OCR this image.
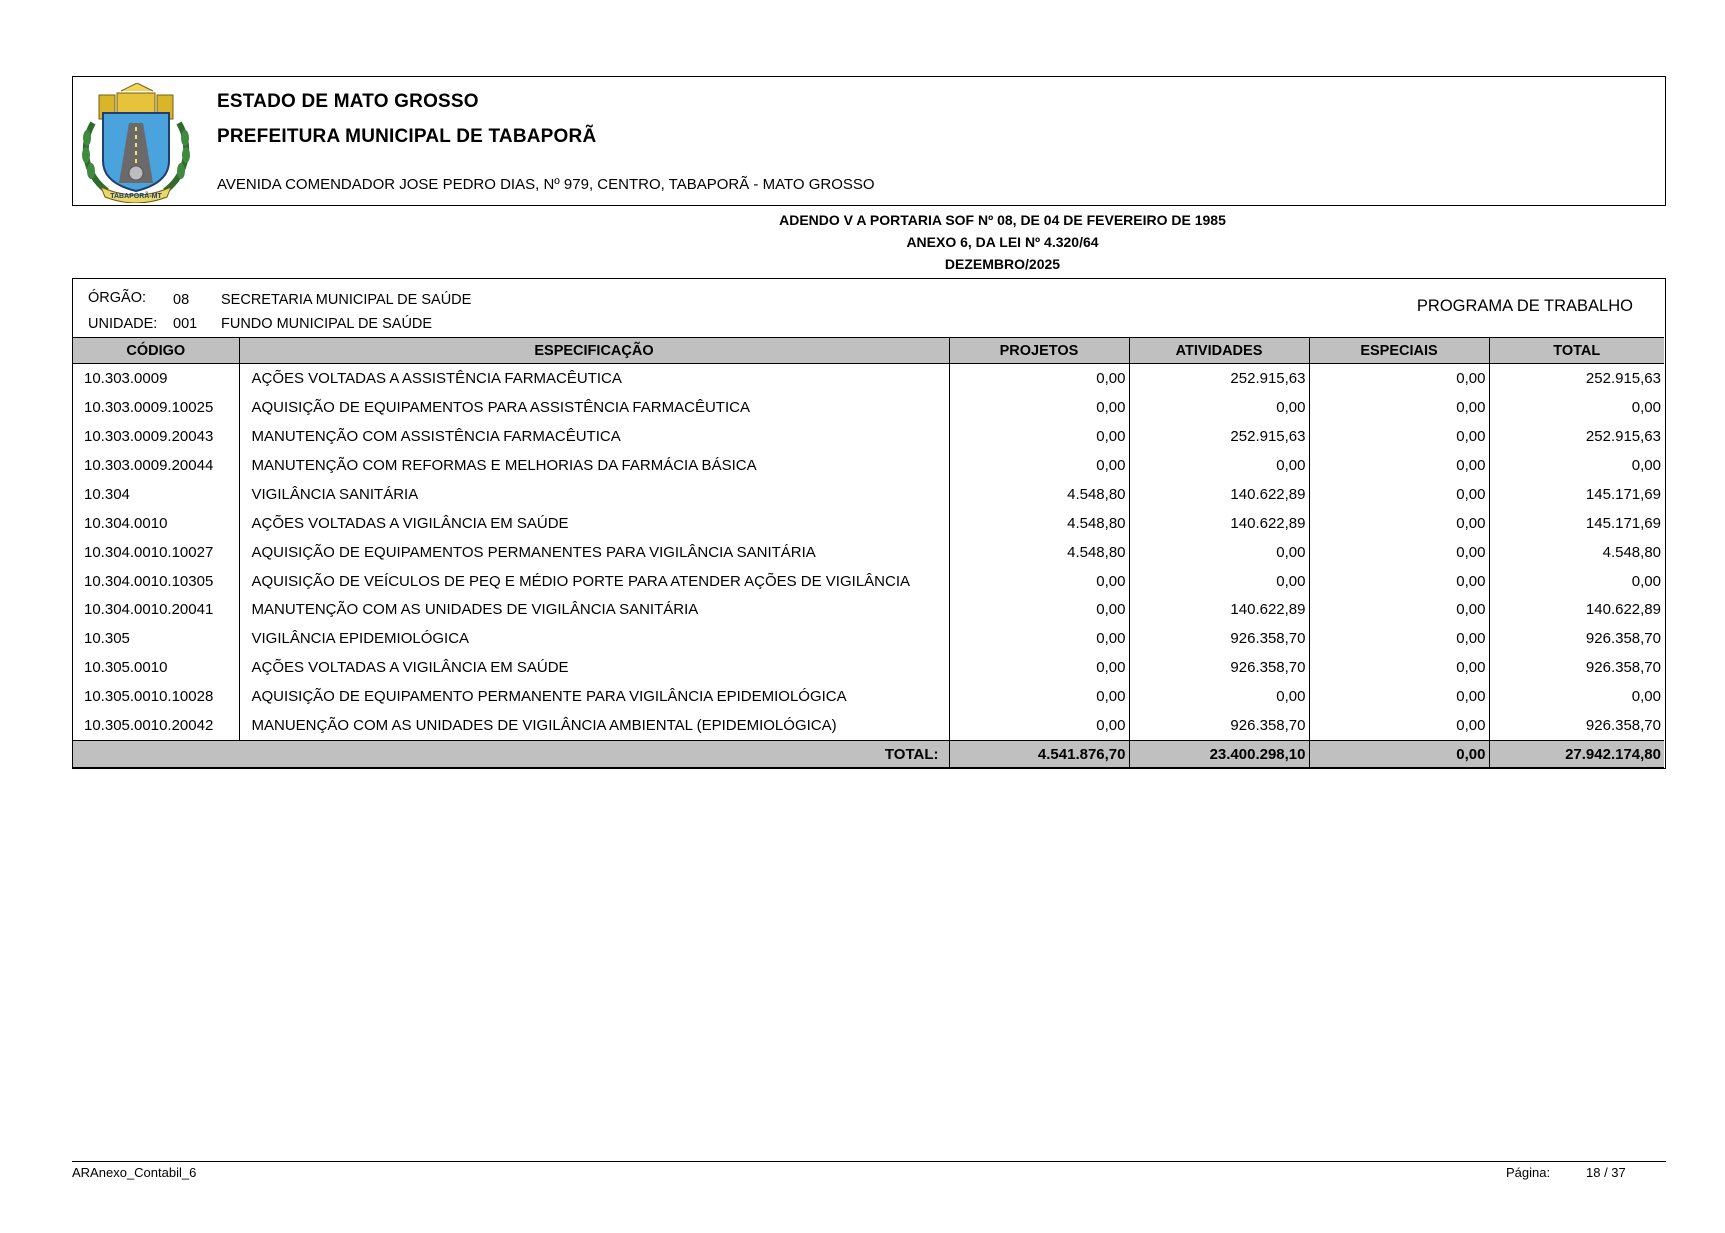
TABAPORÃ-MT
ESTADO DE MATO GROSSO
PREFEITURA MUNICIPAL DE TABAPORÃ
AVENIDA COMENDADOR JOSE PEDRO DIAS, Nº 979, CENTRO, TABAPORÃ - MATO GROSSO
ADENDO V A PORTARIA SOF Nº 08, DE 04 DE FEVEREIRO DE 1985
ANEXO 6, DA LEI Nº 4.320/64
DEZEMBRO/2025
ÓRGÃO: 08 SECRETARIA MUNICIPAL DE SAÚDE
UNIDADE: 001 FUNDO MUNICIPAL DE SAÚDE
PROGRAMA DE TRABALHO
CÓDIGO	ESPECIFICAÇÃO	PROJETOS	ATIVIDADES	ESPECIAIS	TOTAL
10.303.0009	AÇÕES VOLTADAS A ASSISTÊNCIA FARMACÊUTICA	0,00	252.915,63	0,00	252.915,63
10.303.0009.10025	AQUISIÇÃO DE EQUIPAMENTOS PARA ASSISTÊNCIA FARMACÊUTICA	0,00	0,00	0,00	0,00
10.303.0009.20043	MANUTENÇÃO COM ASSISTÊNCIA FARMACÊUTICA	0,00	252.915,63	0,00	252.915,63
10.303.0009.20044	MANUTENÇÃO COM REFORMAS E MELHORIAS DA FARMÁCIA BÁSICA	0,00	0,00	0,00	0,00
10.304	VIGILÂNCIA SANITÁRIA	4.548,80	140.622,89	0,00	145.171,69
10.304.0010	AÇÕES VOLTADAS A VIGILÂNCIA EM SAÚDE	4.548,80	140.622,89	0,00	145.171,69
10.304.0010.10027	AQUISIÇÃO DE EQUIPAMENTOS PERMANENTES PARA VIGILÂNCIA SANITÁRIA	4.548,80	0,00	0,00	4.548,80
10.304.0010.10305	AQUISIÇÃO DE VEÍCULOS DE PEQ E MÉDIO PORTE PARA ATENDER AÇÕES DE VIGILÂNCIA	0,00	0,00	0,00	0,00
10.304.0010.20041	MANUTENÇÃO COM AS UNIDADES DE VIGILÂNCIA SANITÁRIA	0,00	140.622,89	0,00	140.622,89
10.305	VIGILÂNCIA EPIDEMIOLÓGICA	0,00	926.358,70	0,00	926.358,70
10.305.0010	AÇÕES VOLTADAS A VIGILÂNCIA EM SAÚDE	0,00	926.358,70	0,00	926.358,70
10.305.0010.10028	AQUISIÇÃO DE EQUIPAMENTO PERMANENTE PARA VIGILÂNCIA EPIDEMIOLÓGICA	0,00	0,00	0,00	0,00
10.305.0010.20042	MANUENÇÃO COM AS UNIDADES DE VIGILÂNCIA AMBIENTAL (EPIDEMIOLÓGICA)	0,00	926.358,70	0,00	926.358,70
	TOTAL:	4.541.876,70	23.400.298,10	0,00	27.942.174,80
ARAnexo_Contabil_6	Página:	18 / 37
